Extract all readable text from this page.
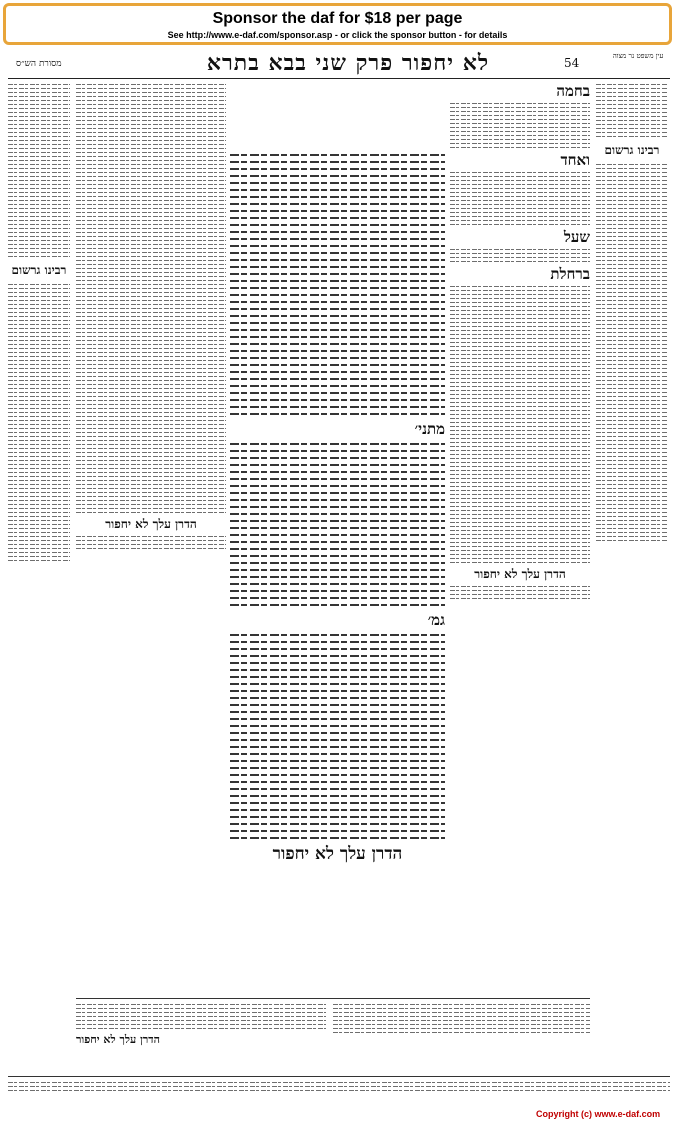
Sponsor the daf for $18 per page
See http://www.e-daf.com/sponsor.asp - or click the sponsor button - for details
מסורת הש״ס	לא יחפור פרק שני בבא בתרא	54	עין משפט נר מצוה
רבינו גרשום
הדרן עלך לא יחפור
מתני׳
גמ׳
הדרן עלך לא יחפור
בחמה
ואחד
שעל
ברחלת
הדרן עלך לא יחפור
רבינו גרשום
הדרן עלך לא יחפור
Copyright (c) www.e-daf.com
